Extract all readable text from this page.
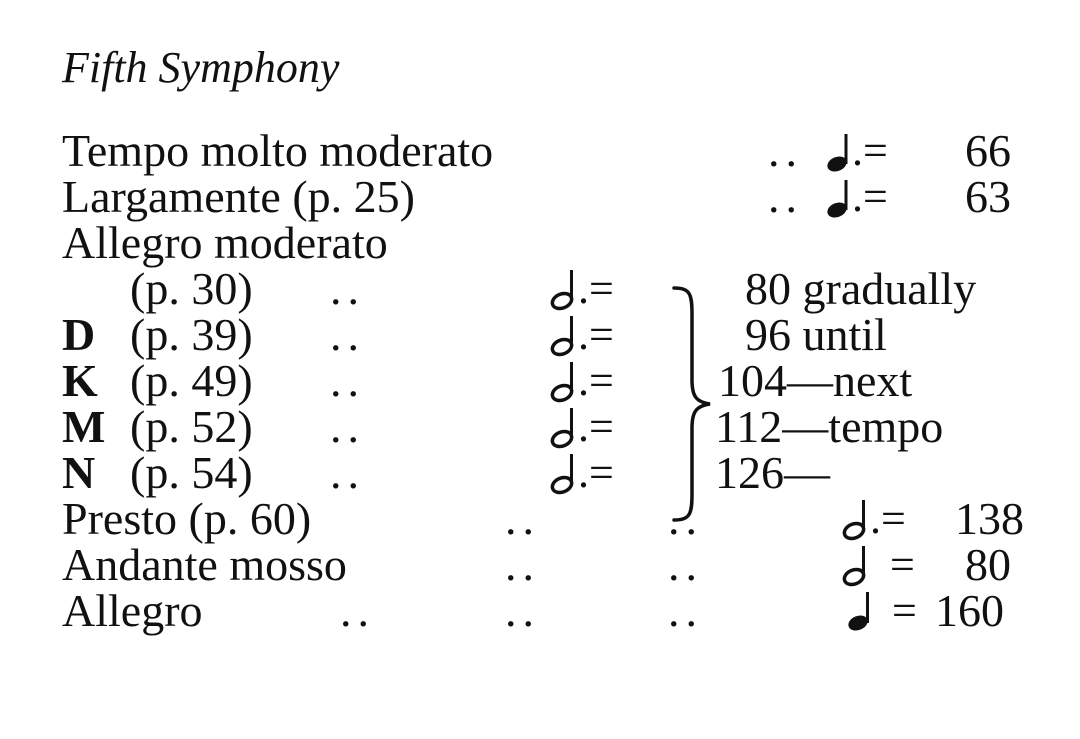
Fifth Symphony
Tempo molto moderato	.. .= 66
Largamente (p. 25)	.. .= 63
Allegro moderato
(p. 30) ..	.=	80 gradually
D (p. 39) ..	.=	96 until
K (p. 49) ..	.= 104—next
M (p. 52) ..	.= 112—tempo
N (p. 54) ..	.= 126—
Presto (p. 60)	..	..	.= 138
Andante mosso	..	..	= 80
Allegro	..	..	..	= 160
